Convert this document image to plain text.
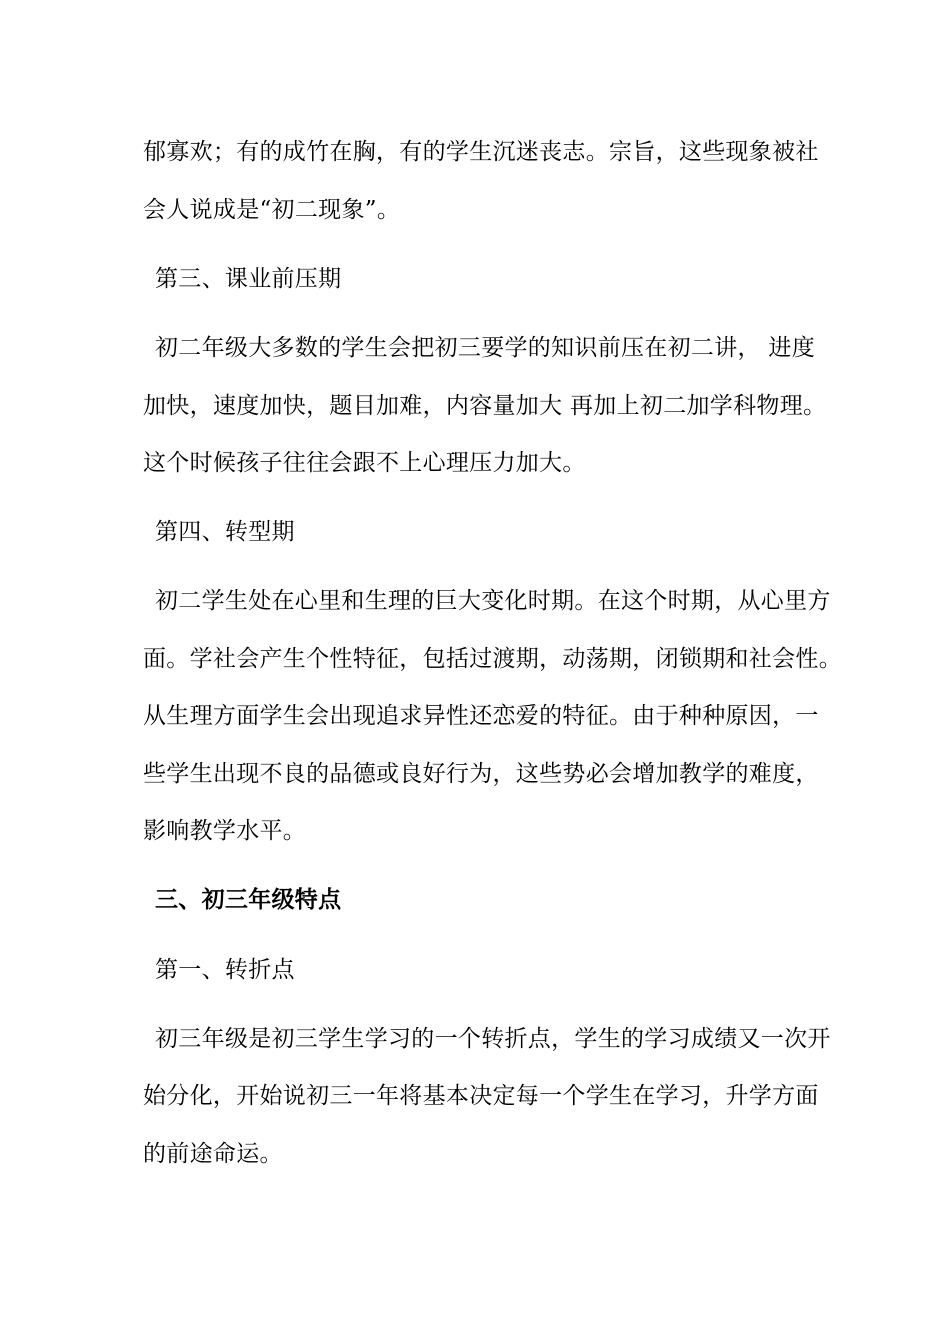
郁寡欢；有的成竹在胸，有的学生沉迷丧志。宗旨，这些现象被社
会人说成是“初二现象”。
第三、课业前压期
初二年级大多数的学生会把初三要学的知识前压在初二讲， 进度
加快，速度加快，题目加难，内容量加大 再加上初二加学科物理。
这个时候孩子往往会跟不上心理压力加大。
第四、转型期
初二学生处在心里和生理的巨大变化时期。在这个时期，从心里方
面。学社会产生个性特征，包括过渡期，动荡期，闭锁期和社会性。
从生理方面学生会出现追求异性还恋爱的特征。由于种种原因，一
些学生出现不良的品德或良好行为，这些势必会增加教学的难度，
影响教学水平。
三、初三年级特点
第一、转折点
初三年级是初三学生学习的一个转折点，学生的学习成绩又一次开
始分化，开始说初三一年将基本决定每一个学生在学习，升学方面
的前途命运。
